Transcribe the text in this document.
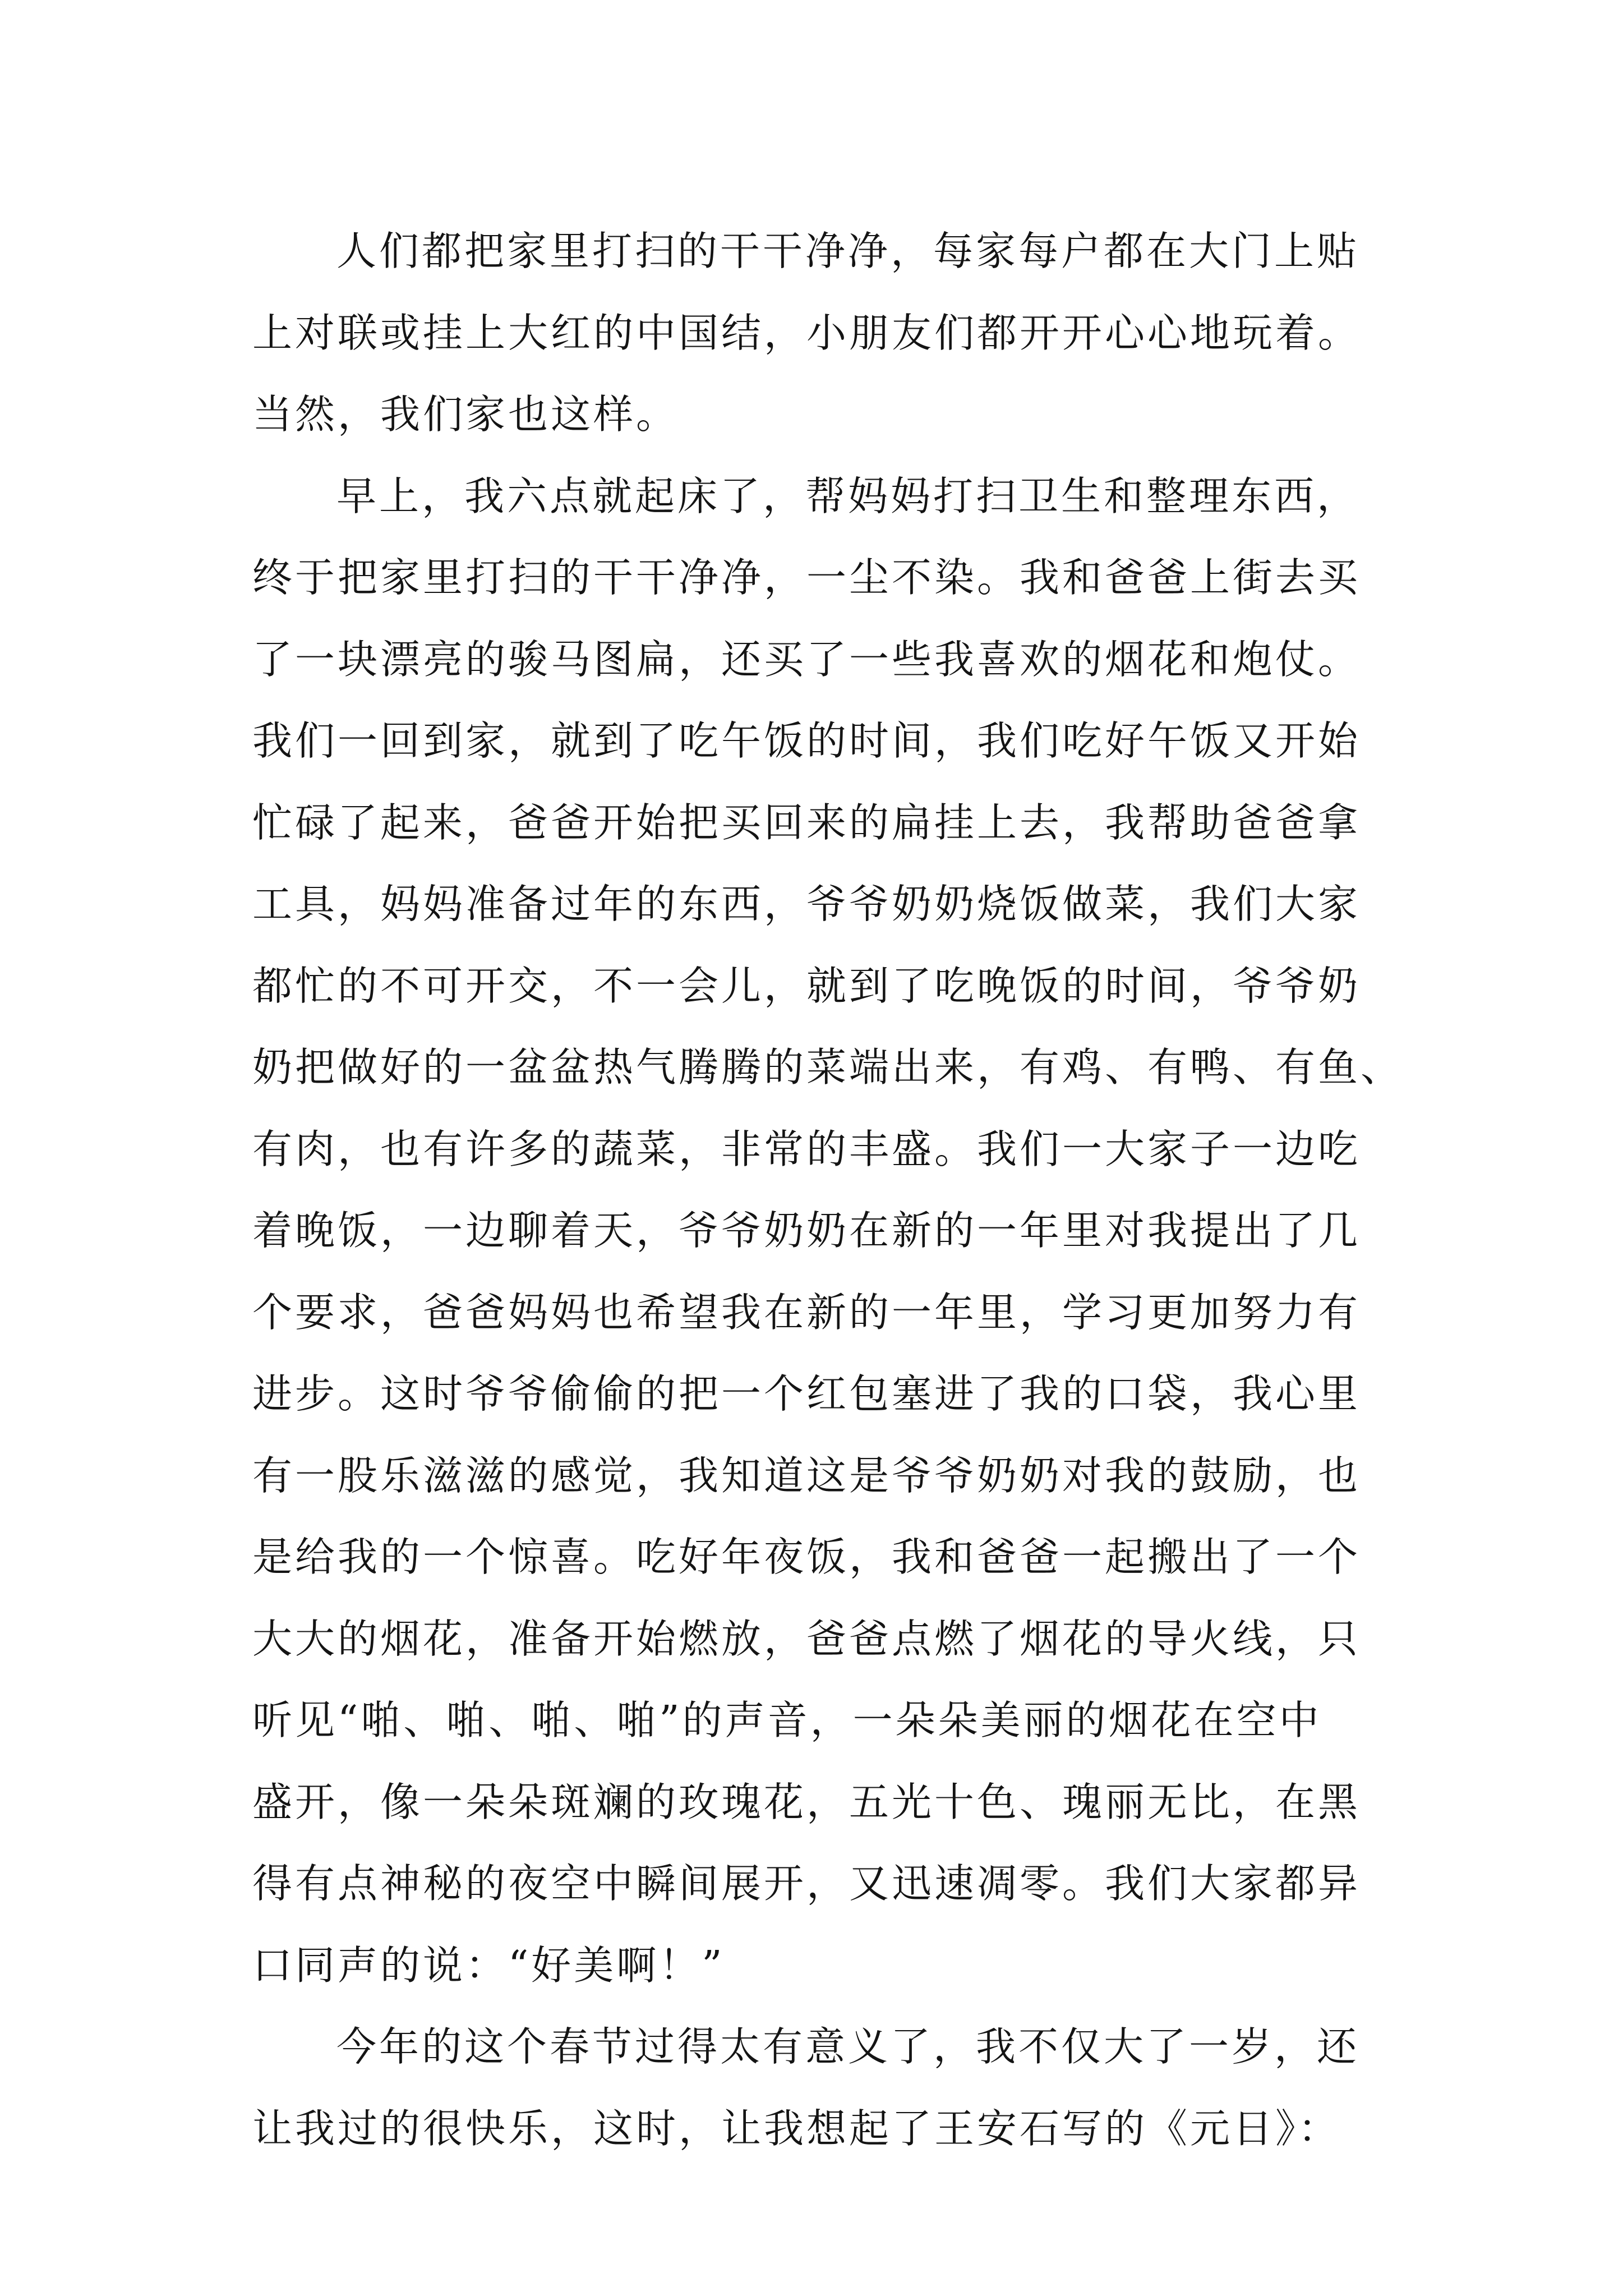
人们都把家里打扫的干干净净，每家每户都在大门上贴
上对联或挂上大红的中国结，小朋友们都开开心心地玩着。
当然，我们家也这样。
早上，我六点就起床了，帮妈妈打扫卫生和整理东西，
终于把家里打扫的干干净净，一尘不染。我和爸爸上街去买
了一块漂亮的骏马图扁，还买了一些我喜欢的烟花和炮仗。
我们一回到家，就到了吃午饭的时间，我们吃好午饭又开始
忙碌了起来，爸爸开始把买回来的扁挂上去，我帮助爸爸拿
工具，妈妈准备过年的东西，爷爷奶奶烧饭做菜，我们大家
都忙的不可开交，不一会儿，就到了吃晚饭的时间，爷爷奶
奶把做好的一盆盆热气腾腾的菜端出来，有鸡、有鸭、有鱼、
有肉，也有许多的蔬菜，非常的丰盛。我们一大家子一边吃
着晚饭，一边聊着天，爷爷奶奶在新的一年里对我提出了几
个要求，爸爸妈妈也希望我在新的一年里，学习更加努力有
进步。这时爷爷偷偷的把一个红包塞进了我的口袋，我心里
有一股乐滋滋的感觉，我知道这是爷爷奶奶对我的鼓励，也
是给我的一个惊喜。吃好年夜饭，我和爸爸一起搬出了一个
大大的烟花，准备开始燃放，爸爸点燃了烟花的导火线，只
听见“啪、啪、啪、啪”的声音，一朵朵美丽的烟花在空中
盛开，像一朵朵斑斓的玫瑰花，五光十色、瑰丽无比，在黑
得有点神秘的夜空中瞬间展开，又迅速凋零。我们大家都异
口同声的说：“好美啊！”
今年的这个春节过得太有意义了，我不仅大了一岁，还
让我过的很快乐，这时，让我想起了王安石写的《元日》：
